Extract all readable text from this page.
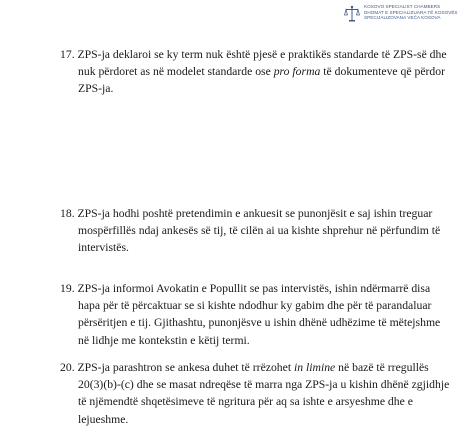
KOSOVO SPECIALIST CHAMBERS
DHOMAT E SPECIALIZUARA TË KOSOVËS
SPECIJALIZOVANA VEĆA KOSOVA
17. ZPS-ja deklaroi se ky term nuk është pjesë e praktikës standarde të ZPS-së dhe
nuk përdoret as në modelet standarde ose pro forma të dokumenteve që përdor
ZPS-ja.
18. ZPS-ja hodhi poshtë pretendimin e ankuesit se punonjësit e saj ishin treguar
mospërfillës ndaj ankesës së tij, të cilën ai ua kishte shprehur në përfundim të
intervistës.
19. ZPS-ja informoi Avokatin e Popullit se pas intervistës, ishin ndërmarrë disa
hapa për të përcaktuar se si kishte ndodhur ky gabim dhe për të parandaluar
përsëritjen e tij. Gjithashtu, punonjësve u ishin dhënë udhëzime të mëtejshme
në lidhje me kontekstin e këtij termi.
20. ZPS-ja parashtron se ankesa duhet të rrëzohet in limine në bazë të rregullës
20(3)(b)-(c) dhe se masat ndreqëse të marra nga ZPS-ja u kishin dhënë zgjidhje
të njëmendtë shqetësimeve të ngritura për aq sa ishte e arsyeshme dhe e
lejueshme.
